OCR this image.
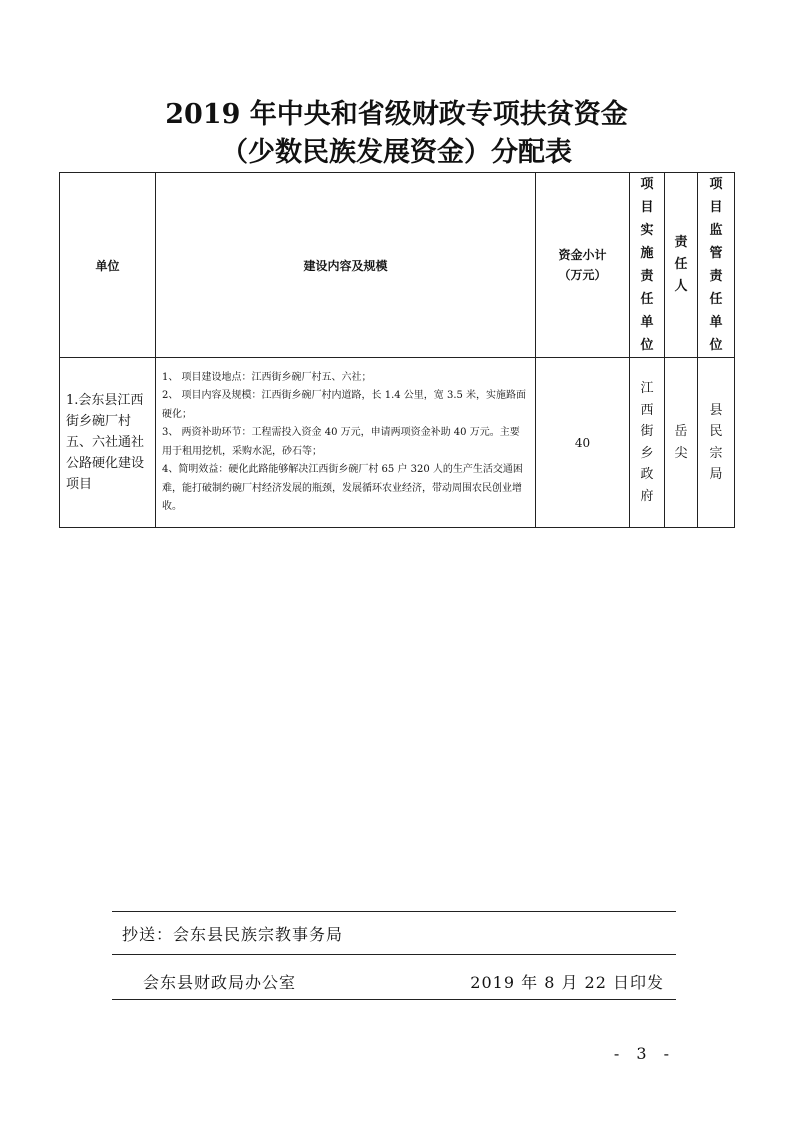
2019 年中央和省级财政专项扶贫资金
（少数民族发展资金）分配表
单位	建设内容及规模	资金小计（万元）	项目实施责任单位	责任人	项目监管责任单位
1.会东县江西街乡碗厂村五、六社通社公路硬化建设项目	1、 项目建设地点：江西街乡碗厂村五、六社；
2、 项目内容及规模：江西街乡碗厂村内道路，长 1.4 公里，宽 3.5 米，实施路面硬化；
3、 两资补助环节：工程需投入资金 40 万元，申请两项资金补助 40 万元。主要用于租用挖机，采购水泥，砂石等；
4、简明效益：硬化此路能够解决江西街乡碗厂村 65 户 320 人的生产生活交通困难，能打破制约碗厂村经济发展的瓶颈，发展循环农业经济，带动周围农民创业增收。	40	江西街乡政府	岳尖	县民宗局
抄送：会东县民族宗教事务局
会东县财政局办公室	2019 年 8 月 22 日印发
- 3 -
